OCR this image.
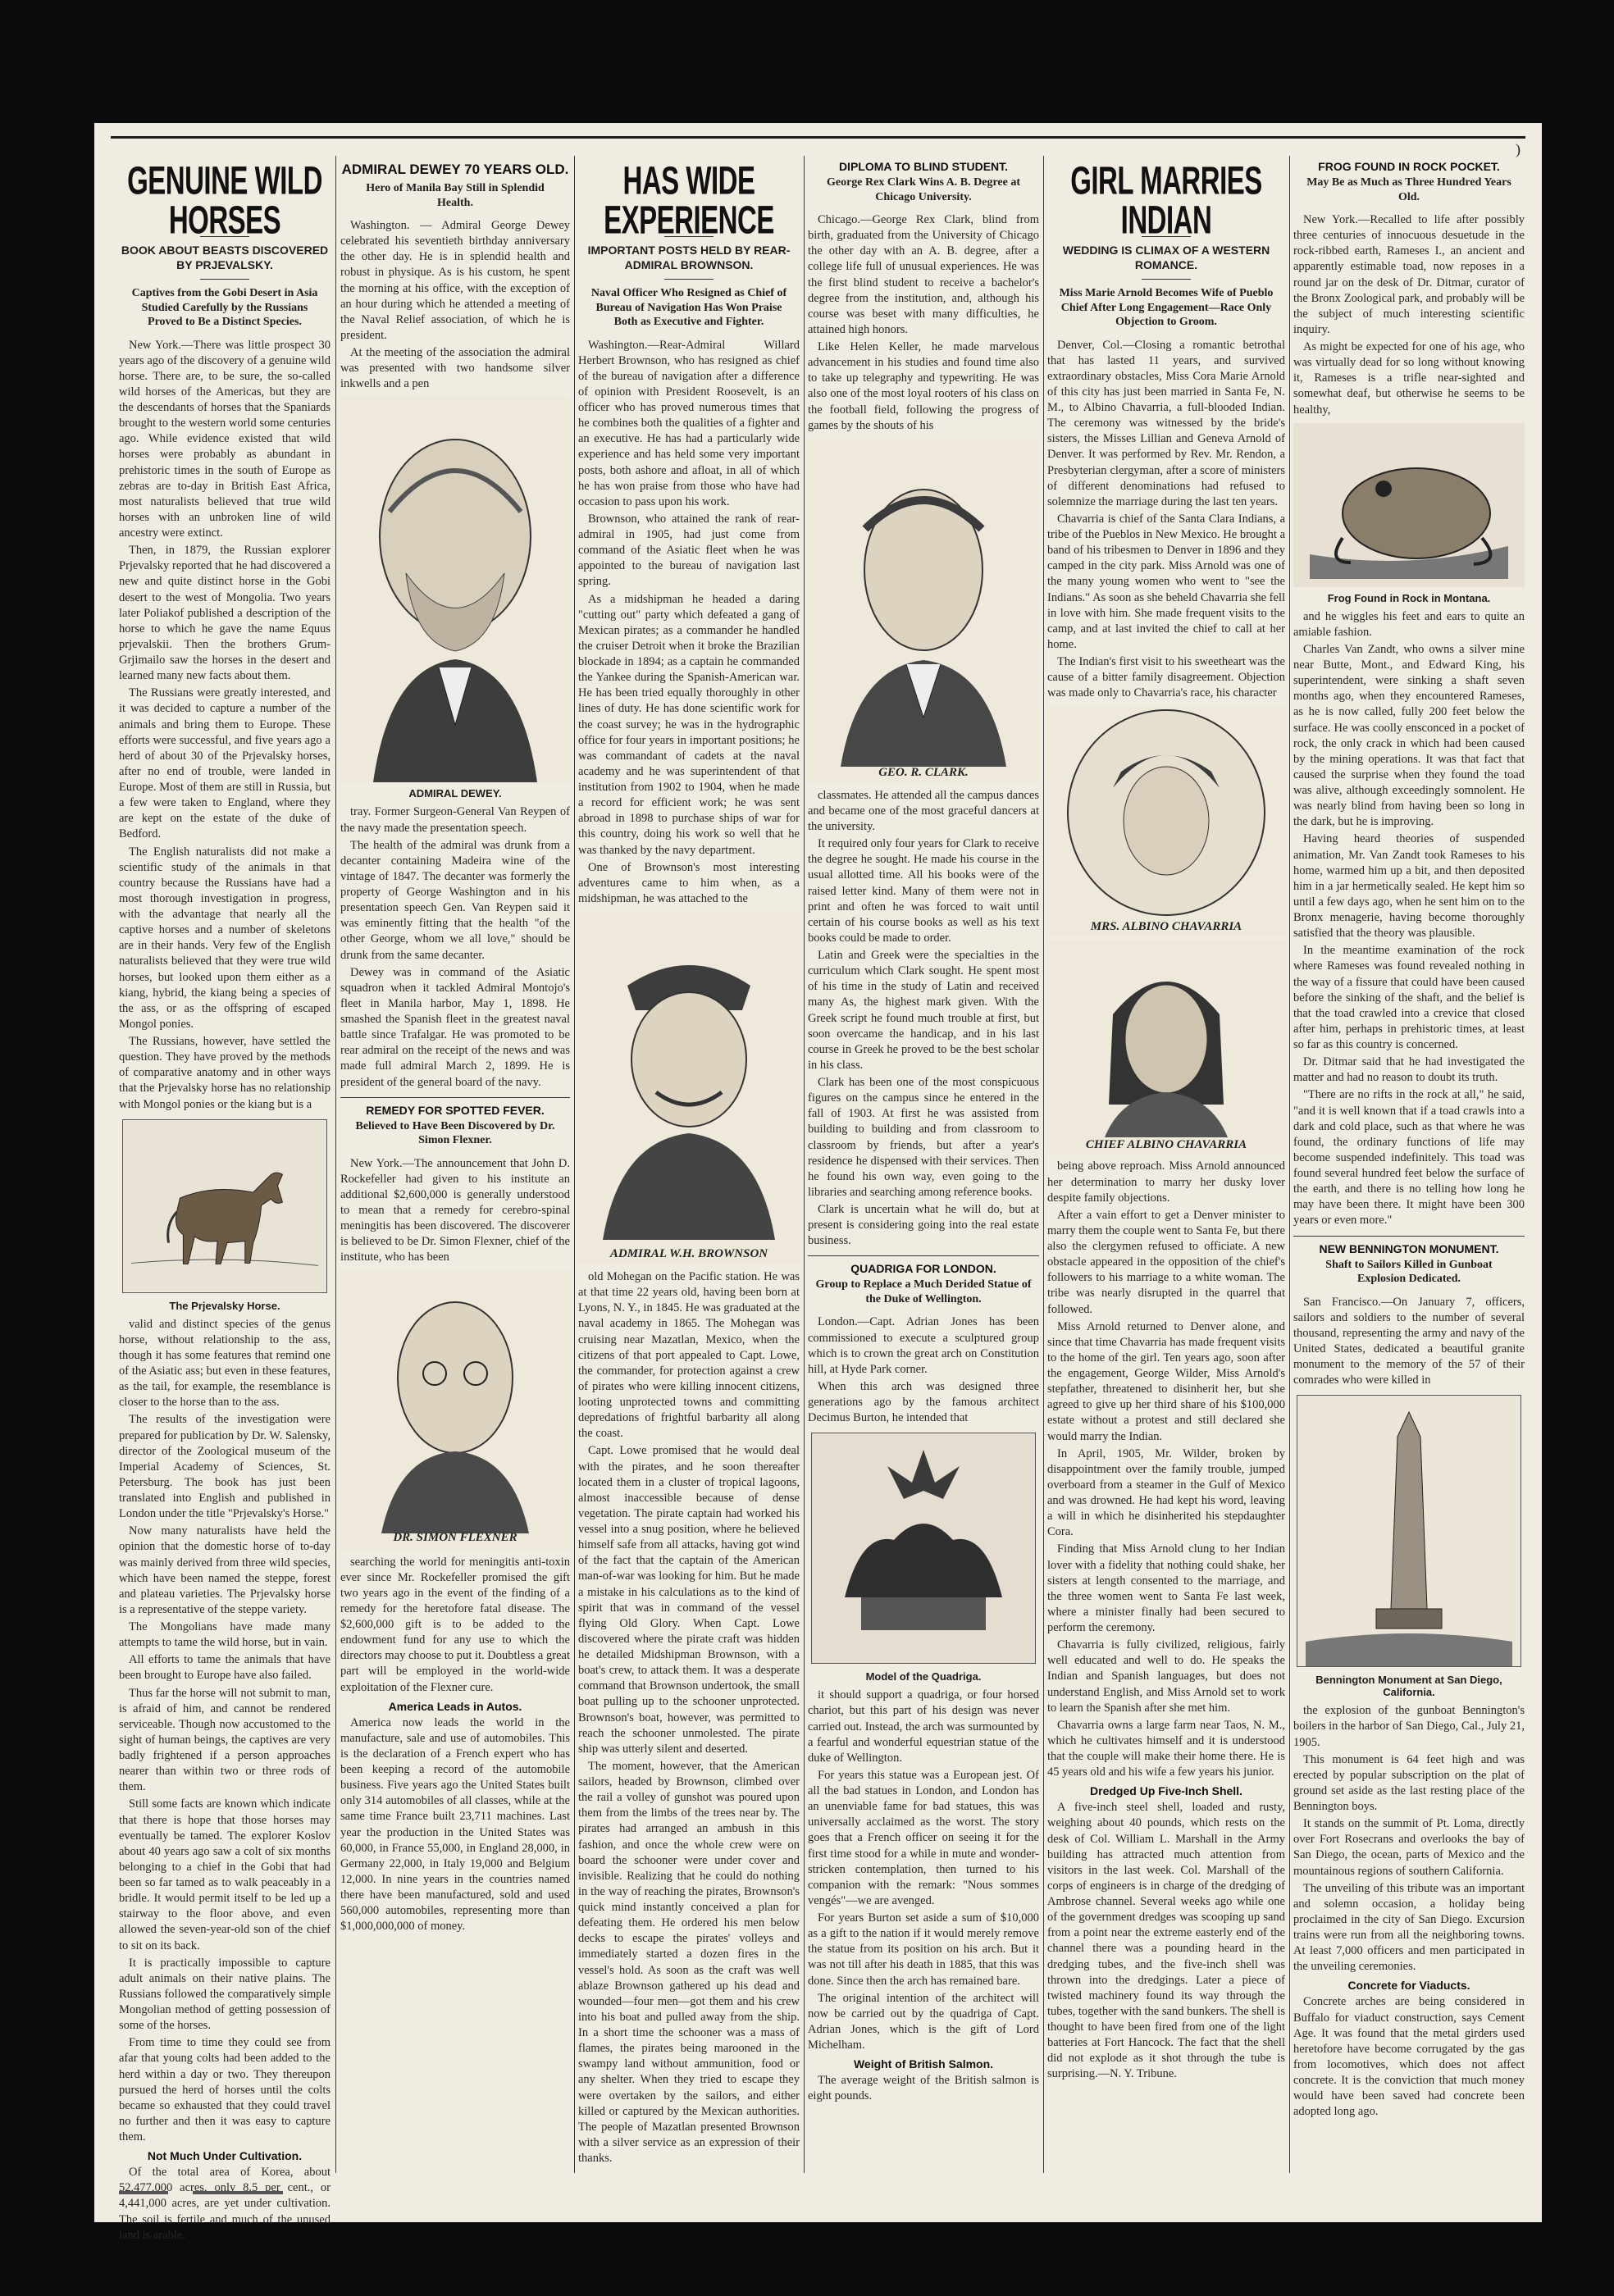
)
GENUINE WILD HORSES
BOOK ABOUT BEASTS DISCOVERED BY PRJEVALSKY.
Captives from the Gobi Desert in Asia Studied Carefully by the Russians Proved to Be a Distinct Species.

New York.—There was little prospect 30 years ago of the discovery of a genuine wild horse. There are, to be sure, the so-called wild horses of the Americas, but they are the descendants of horses that the Spaniards brought to the western world some centuries ago. While evidence existed that wild horses were probably as abundant in prehistoric times in the south of Europe as zebras are to-day in British East Africa, most naturalists believed that true wild horses with an unbroken line of wild ancestry were extinct.

Then, in 1879, the Russian explorer Prjevalsky reported that he had discovered a new and quite distinct horse in the Gobi desert to the west of Mongolia. Two years later Poliakof published a description of the horse to which he gave the name Equus prjevalskii. Then the brothers Grum-Grjimailo saw the horses in the desert and learned many new facts about them.

The Russians were greatly interested, and it was decided to capture a number of the animals and bring them to Europe. These efforts were successful, and five years ago a herd of about 30 of the Prjevalsky horses, after no end of trouble, were landed in Europe. Most of them are still in Russia, but a few were taken to England, where they are kept on the estate of the duke of Bedford.

The English naturalists did not make a scientific study of the animals in that country because the Russians have had a most thorough investigation in progress, with the advantage that nearly all the captive horses and a number of skeletons are in their hands. Very few of the English naturalists believed that they were true wild horses, but looked upon them either as a kiang, hybrid, the kiang being a species of the ass, or as the offspring of escaped Mongol ponies.

The Russians, however, have settled the question. They have proved by the methods of comparative anatomy and in other ways that the Prjevalsky horse has no relationship with Mongol ponies or the kiang but is a

The Prjevalsky Horse.

valid and distinct species of the genus horse, without relationship to the ass, though it has some features that remind one of the Asiatic ass; but even in these features, as the tail, for example, the resemblance is closer to the horse than to the ass.

The results of the investigation were prepared for publication by Dr. W. Salensky, director of the Zoological museum of the Imperial Academy of Sciences, St. Petersburg. The book has just been translated into English and published in London under the title "Prjevalsky's Horse."

Now many naturalists have held the opinion that the domestic horse of to-day was mainly derived from three wild species, which have been named the steppe, forest and plateau varieties. The Prjevalsky horse is a representative of the steppe variety.

The Mongolians have made many attempts to tame the wild horse, but in vain.

All efforts to tame the animals that have been brought to Europe have also failed.

Thus far the horse will not submit to man, is afraid of him, and cannot be rendered serviceable. Though now accustomed to the sight of human beings, the captives are very badly frightened if a person approaches nearer than within two or three rods of them.

Still some facts are known which indicate that there is hope that those horses may eventually be tamed. The explorer Koslov about 40 years ago saw a colt of six months belonging to a chief in the Gobi that had been so far tamed as to walk peaceably in a bridle. It would permit itself to be led up a stairway to the floor above, and even allowed the seven-year-old son of the chief to sit on its back.

It is practically impossible to capture adult animals on their native plains. The Russians followed the comparatively simple Mongolian method of getting possession of some of the horses.

From time to time they could see from afar that young colts had been added to the herd within a day or two. They thereupon pursued the herd of horses until the colts became so exhausted that they could travel no further and then it was easy to capture them.

Not Much Under Cultivation.

Of the total area of Korea, about 52,477,000 acres, only 8.5 per cent., or 4,441,000 acres, are yet under cultivation. The soil is fertile and much of the unused land is arable.

ADMIRAL DEWEY 70 YEARS OLD.
Hero of Manila Bay Still in Splendid Health.

Washington. — Admiral George Dewey celebrated his seventieth birthday anniversary the other day. He is in splendid health and robust in physique. As is his custom, he spent the morning at his office, with the exception of an hour during which he attended a meeting of the Naval Relief association, of which he is president.

At the meeting of the association the admiral was presented with two handsome silver inkwells and a pen

ADMIRAL DEWEY.

tray. Former Surgeon-General Van Reypen of the navy made the presentation speech.

The health of the admiral was drunk from a decanter containing Madeira wine of the vintage of 1847. The decanter was formerly the property of George Washington and in his presentation speech Gen. Van Reypen said it was eminently fitting that the health "of the other George, whom we all love," should be drunk from the same decanter.

Dewey was in command of the Asiatic squadron when it tackled Admiral Montojo's fleet in Manila harbor, May 1, 1898. He smashed the Spanish fleet in the greatest naval battle since Trafalgar. He was promoted to be rear admiral on the receipt of the news and was made full admiral March 2, 1899. He is president of the general board of the navy.

REMEDY FOR SPOTTED FEVER.
Believed to Have Been Discovered by Dr. Simon Flexner.

New York.—The announcement that John D. Rockefeller had given to his institute an additional $2,600,000 is generally understood to mean that a remedy for cerebro-spinal meningitis has been discovered. The discoverer is believed to be Dr. Simon Flexner, chief of the institute, who has been

DR. SIMON FLEXNER

searching the world for meningitis anti-toxin ever since Mr. Rockefeller promised the gift two years ago in the event of the finding of a remedy for the heretofore fatal disease. The $2,600,000 gift is to be added to the endowment fund for any use to which the directors may choose to put it. Doubtless a great part will be employed in the world-wide exploitation of the Flexner cure.

America Leads in Autos.

America now leads the world in the manufacture, sale and use of automobiles. This is the declaration of a French expert who has been keeping a record of the automobile business. Five years ago the United States built only 314 automobiles of all classes, while at the same time France built 23,711 machines. Last year the production in the United States was 60,000, in France 55,000, in England 28,000, in Germany 22,000, in Italy 19,000 and Belgium 12,000. In nine years in the countries named there have been manufactured, sold and used 560,000 automobiles, representing more than $1,000,000,000 of money.

HAS WIDE EXPERIENCE
IMPORTANT POSTS HELD BY REAR-ADMIRAL BROWNSON.
Naval Officer Who Resigned as Chief of Bureau of Navigation Has Won Praise Both as Executive and Fighter.

Washington.—Rear-Admiral Willard Herbert Brownson, who has resigned as chief of the bureau of navigation after a difference of opinion with President Roosevelt, is an officer who has proved numerous times that he combines both the qualities of a fighter and an executive. He has had a particularly wide experience and has held some very important posts, both ashore and afloat, in all of which he has won praise from those who have had occasion to pass upon his work.

Brownson, who attained the rank of rear-admiral in 1905, had just come from command of the Asiatic fleet when he was appointed to the bureau of navigation last spring.

As a midshipman he headed a daring "cutting out" party which defeated a gang of Mexican pirates; as a commander he handled the cruiser Detroit when it broke the Brazilian blockade in 1894; as a captain he commanded the Yankee during the Spanish-American war. He has been tried equally thoroughly in other lines of duty. He has done scientific work for the coast survey; he was in the hydrographic office for four years in important positions; he was commandant of cadets at the naval academy and he was superintendent of that institution from 1902 to 1904, when he made a record for efficient work; he was sent abroad in 1898 to purchase ships of war for this country, doing his work so well that he was thanked by the navy department.

One of Brownson's most interesting adventures came to him when, as a midshipman, he was attached to the

ADMIRAL W.H. BROWNSON

old Mohegan on the Pacific station. He was at that time 22 years old, having been born at Lyons, N. Y., in 1845. He was graduated at the naval academy in 1865. The Mohegan was cruising near Mazatlan, Mexico, when the citizens of that port appealed to Capt. Lowe, the commander, for protection against a crew of pirates who were killing innocent citizens, looting unprotected towns and committing depredations of frightful barbarity all along the coast.

Capt. Lowe promised that he would deal with the pirates, and he soon thereafter located them in a cluster of tropical lagoons, almost inaccessible because of dense vegetation. The pirate captain had worked his vessel into a snug position, where he believed himself safe from all attacks, having got wind of the fact that the captain of the American man-of-war was looking for him. But he made a mistake in his calculations as to the kind of spirit that was in command of the vessel flying Old Glory. When Capt. Lowe discovered where the pirate craft was hidden he detailed Midshipman Brownson, with a boat's crew, to attack them. It was a desperate command that Brownson undertook, the small boat pulling up to the schooner unprotected. Brownson's boat, however, was permitted to reach the schooner unmolested. The pirate ship was utterly silent and deserted.

The moment, however, that the American sailors, headed by Brownson, climbed over the rail a volley of gunshot was poured upon them from the limbs of the trees near by. The pirates had arranged an ambush in this fashion, and once the whole crew were on board the schooner were under cover and invisible. Realizing that he could do nothing in the way of reaching the pirates, Brownson's quick mind instantly conceived a plan for defeating them. He ordered his men below decks to escape the pirates' volleys and immediately started a dozen fires in the vessel's hold. As soon as the craft was well ablaze Brownson gathered up his dead and wounded—four men—got them and his crew into his boat and pulled away from the ship. In a short time the schooner was a mass of flames, the pirates being marooned in the swampy land without ammunition, food or any shelter. When they tried to escape they were overtaken by the sailors, and either killed or captured by the Mexican authorities. The people of Mazatlan presented Brownson with a silver service as an expression of their thanks.

DIPLOMA TO BLIND STUDENT.
George Rex Clark Wins A. B. Degree at Chicago University.

Chicago.—George Rex Clark, blind from birth, graduated from the University of Chicago the other day with an A. B. degree, after a college life full of unusual experiences. He was the first blind student to receive a bachelor's degree from the institution, and, although his course was beset with many difficulties, he attained high honors.

Like Helen Keller, he made marvelous advancement in his studies and found time also to take up telegraphy and typewriting. He was also one of the most loyal rooters of his class on the football field, following the progress of games by the shouts of his

GEO. R. CLARK.

classmates. He attended all the campus dances and became one of the most graceful dancers at the university.

It required only four years for Clark to receive the degree he sought. He made his course in the usual allotted time. All his books were of the raised letter kind. Many of them were not in print and often he was forced to wait until certain of his course books as well as his text books could be made to order.

Latin and Greek were the specialties in the curriculum which Clark sought. He spent most of his time in the study of Latin and received many As, the highest mark given. With the Greek script he found much trouble at first, but soon overcame the handicap, and in his last course in Greek he proved to be the best scholar in his class.

Clark has been one of the most conspicuous figures on the campus since he entered in the fall of 1903. At first he was assisted from building to building and from classroom to classroom by friends, but after a year's residence he dispensed with their services. Then he found his own way, even going to the libraries and searching among reference books.

Clark is uncertain what he will do, but at present is considering going into the real estate business.

QUADRIGA FOR LONDON.
Group to Replace a Much Derided Statue of the Duke of Wellington.

London.—Capt. Adrian Jones has been commissioned to execute a sculptured group which is to crown the great arch on Constitution hill, at Hyde Park corner.

When this arch was designed three generations ago by the famous architect Decimus Burton, he intended that

Model of the Quadriga.

it should support a quadriga, or four horsed chariot, but this part of his design was never carried out. Instead, the arch was surmounted by a fearful and wonderful equestrian statue of the duke of Wellington.

For years this statue was a European jest. Of all the bad statues in London, and London has an unenviable fame for bad statues, this was universally acclaimed as the worst. The story goes that a French officer on seeing it for the first time stood for a while in mute and wonder-stricken contemplation, then turned to his companion with the remark: "Nous sommes vengés"—we are avenged.

For years Burton set aside a sum of $10,000 as a gift to the nation if it would merely remove the statue from its position on his arch. But it was not till after his death in 1885, that this was done. Since then the arch has remained bare.

The original intention of the architect will now be carried out by the quadriga of Capt. Adrian Jones, which is the gift of Lord Michelham.

Weight of British Salmon.

The average weight of the British salmon is eight pounds.

GIRL MARRIES INDIAN
WEDDING IS CLIMAX OF A WESTERN ROMANCE.
Miss Marie Arnold Becomes Wife of Pueblo Chief After Long Engagement—Race Only Objection to Groom.

Denver, Col.—Closing a romantic betrothal that has lasted 11 years, and survived extraordinary obstacles, Miss Cora Marie Arnold of this city has just been married in Santa Fe, N. M., to Albino Chavarria, a full-blooded Indian. The ceremony was witnessed by the bride's sisters, the Misses Lillian and Geneva Arnold of Denver. It was performed by Rev. Mr. Rendon, a Presbyterian clergyman, after a score of ministers of different denominations had refused to solemnize the marriage during the last ten years.

Chavarria is chief of the Santa Clara Indians, a tribe of the Pueblos in New Mexico. He brought a band of his tribesmen to Denver in 1896 and they camped in the city park. Miss Arnold was one of the many young women who went to "see the Indians." As soon as she beheld Chavarria she fell in love with him. She made frequent visits to the camp, and at last invited the chief to call at her home.

The Indian's first visit to his sweetheart was the cause of a bitter family disagreement. Objection was made only to Chavarria's race, his character

MRS. ALBINO CHAVARRIA
CHIEF ALBINO CHAVARRIA

being above reproach. Miss Arnold announced her determination to marry her dusky lover despite family objections.

After a vain effort to get a Denver minister to marry them the couple went to Santa Fe, but there also the clergymen refused to officiate. A new obstacle appeared in the opposition of the chief's followers to his marriage to a white woman. The tribe was nearly disrupted in the quarrel that followed.

Miss Arnold returned to Denver alone, and since that time Chavarria has made frequent visits to the home of the girl. Ten years ago, soon after the engagement, George Wilder, Miss Arnold's stepfather, threatened to disinherit her, but she agreed to give up her third share of his $100,000 estate without a protest and still declared she would marry the Indian.

In April, 1905, Mr. Wilder, broken by disappointment over the family trouble, jumped overboard from a steamer in the Gulf of Mexico and was drowned. He had kept his word, leaving a will in which he disinherited his stepdaughter Cora.

Finding that Miss Arnold clung to her Indian lover with a fidelity that nothing could shake, her sisters at length consented to the marriage, and the three women went to Santa Fe last week, where a minister finally had been secured to perform the ceremony.

Chavarria is fully civilized, religious, fairly well educated and well to do. He speaks the Indian and Spanish languages, but does not understand English, and Miss Arnold set to work to learn the Spanish after she met him.

Chavarria owns a large farm near Taos, N. M., which he cultivates himself and it is understood that the couple will make their home there. He is 45 years old and his wife a few years his junior.

Dredged Up Five-Inch Shell.

A five-inch steel shell, loaded and rusty, weighing about 40 pounds, which rests on the desk of Col. William L. Marshall in the Army building has attracted much attention from visitors in the last week. Col. Marshall of the corps of engineers is in charge of the dredging of Ambrose channel. Several weeks ago while one of the government dredges was scooping up sand from a point near the extreme easterly end of the channel there was a pounding heard in the dredging tubes, and the five-inch shell was thrown into the dredgings. Later a piece of twisted machinery found its way through the tubes, together with the sand bunkers. The shell is thought to have been fired from one of the light batteries at Fort Hancock. The fact that the shell did not explode as it shot through the tube is surprising.—N. Y. Tribune.

FROG FOUND IN ROCK POCKET.
May Be as Much as Three Hundred Years Old.

New York.—Recalled to life after possibly three centuries of innocuous desuetude in the rock-ribbed earth, Rameses I., an ancient and apparently estimable toad, now reposes in a round jar on the desk of Dr. Ditmar, curator of the Bronx Zoological park, and probably will be the subject of much interesting scientific inquiry.

As might be expected for one of his age, who was virtually dead for so long without knowing it, Rameses is a trifle near-sighted and somewhat deaf, but otherwise he seems to be healthy,

Frog Found in Rock in Montana.

and he wiggles his feet and ears to quite an amiable fashion.

Charles Van Zandt, who owns a silver mine near Butte, Mont., and Edward King, his superintendent, were sinking a shaft seven months ago, when they encountered Rameses, as he is now called, fully 200 feet below the surface. He was coolly ensconced in a pocket of rock, the only crack in which had been caused by the mining operations. It was that fact that caused the surprise when they found the toad was alive, although exceedingly somnolent. He was nearly blind from having been so long in the dark, but he is improving.

Having heard theories of suspended animation, Mr. Van Zandt took Rameses to his home, warmed him up a bit, and then deposited him in a jar hermetically sealed. He kept him so until a few days ago, when he sent him on to the Bronx menagerie, having become thoroughly satisfied that the theory was plausible.

In the meantime examination of the rock where Rameses was found revealed nothing in the way of a fissure that could have been caused before the sinking of the shaft, and the belief is that the toad crawled into a crevice that closed after him, perhaps in prehistoric times, at least so far as this country is concerned.

Dr. Ditmar said that he had investigated the matter and had no reason to doubt its truth.

"There are no rifts in the rock at all," he said, "and it is well known that if a toad crawls into a dark and cold place, such as that where he was found, the ordinary functions of life may become suspended indefinitely. This toad was found several hundred feet below the surface of the earth, and there is no telling how long he may have been there. It might have been 300 years or even more."

NEW BENNINGTON MONUMENT.
Shaft to Sailors Killed in Gunboat Explosion Dedicated.

San Francisco.—On January 7, officers, sailors and soldiers to the number of several thousand, representing the army and navy of the United States, dedicated a beautiful granite monument to the memory of the 57 of their comrades who were killed in

Bennington Monument at San Diego, California.

the explosion of the gunboat Bennington's boilers in the harbor of San Diego, Cal., July 21, 1905.

This monument is 64 feet high and was erected by popular subscription on the plat of ground set aside as the last resting place of the Bennington boys.

It stands on the summit of Pt. Loma, directly over Fort Rosecrans and overlooks the bay of San Diego, the ocean, parts of Mexico and the mountainous regions of southern California.

The unveiling of this tribute was an important and solemn occasion, a holiday being proclaimed in the city of San Diego. Excursion trains were run from all the neighboring towns. At least 7,000 officers and men participated in the unveiling ceremonies.

Concrete for Viaducts.

Concrete arches are being considered in Buffalo for viaduct construction, says Cement Age. It was found that the metal girders used heretofore have become corrugated by the gas from locomotives, which does not affect concrete. It is the conviction that much money would have been saved had concrete been adopted long ago.
